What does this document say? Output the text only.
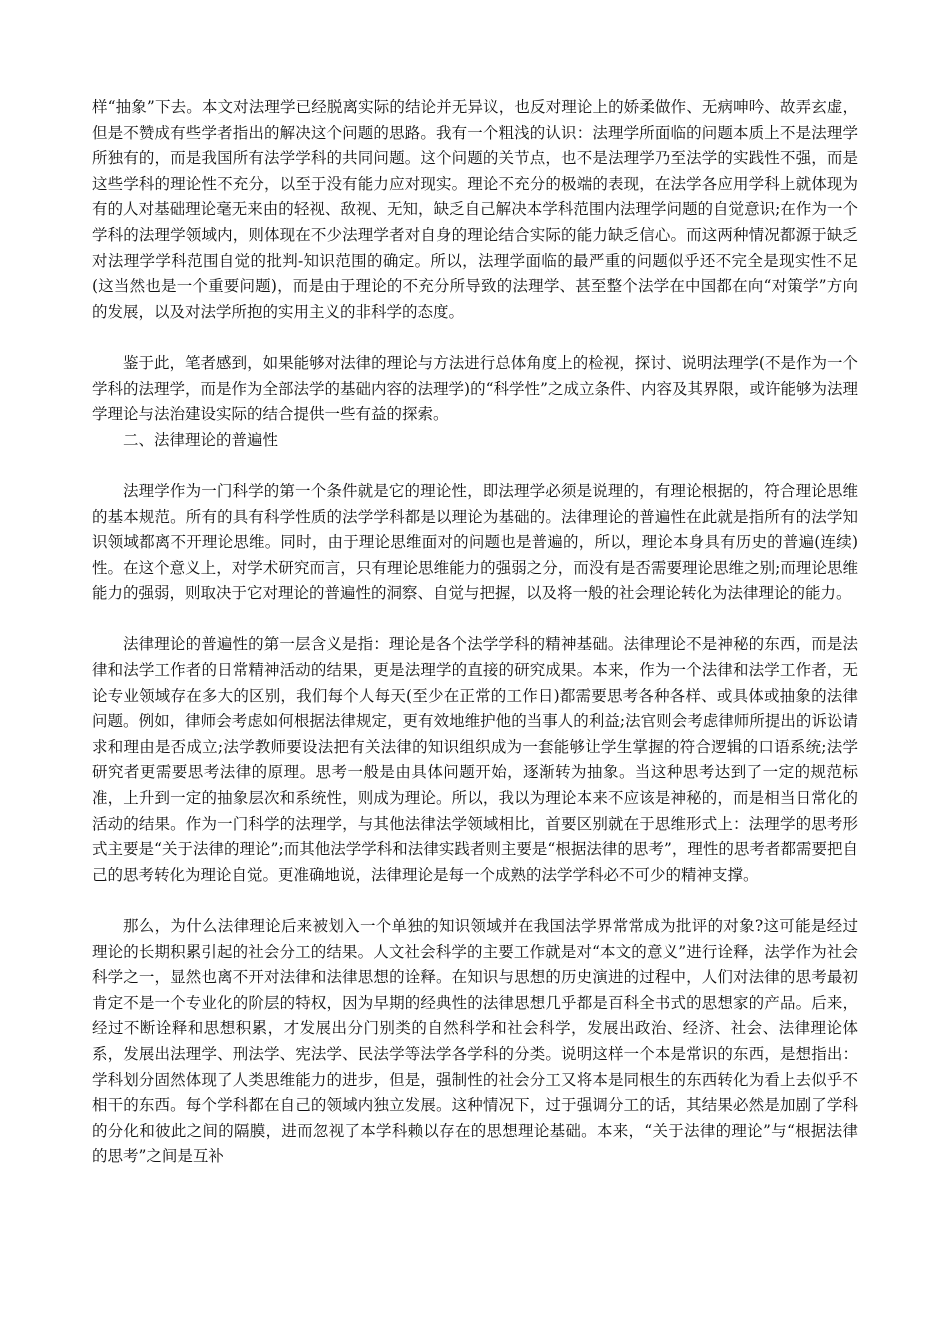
样“抽象”下去。本文对法理学已经脱离实际的结论并无异议，也反对理论上的娇柔做作、无病呻吟、故弄玄虚，但是不赞成有些学者指出的解决这个问题的思路。我有一个粗浅的认识：法理学所面临的问题本质上不是法理学所独有的，而是我国所有法学学科的共同问题。这个问题的关节点，也不是法理学乃至法学的实践性不强，而是这些学科的理论性不充分，以至于没有能力应对现实。理论不充分的极端的表现，在法学各应用学科上就体现为有的人对基础理论毫无来由的轻视、敌视、无知，缺乏自己解决本学科范围内法理学问题的自觉意识;在作为一个学科的法理学领域内，则体现在不少法理学者对自身的理论结合实际的能力缺乏信心。而这两种情况都源于缺乏对法理学学科范围自觉的批判-知识范围的确定。所以，法理学面临的最严重的问题似乎还不完全是现实性不足(这当然也是一个重要问题)，而是由于理论的不充分所导致的法理学、甚至整个法学在中国都在向“对策学”方向的发展，以及对法学所抱的实用主义的非科学的态度。

鉴于此，笔者感到，如果能够对法律的理论与方法进行总体角度上的检视，探讨、说明法理学(不是作为一个学科的法理学，而是作为全部法学的基础内容的法理学)的“科学性”之成立条件、内容及其界限，或许能够为法理学理论与法治建设实际的结合提供一些有益的探索。

二、法律理论的普遍性

法理学作为一门科学的第一个条件就是它的理论性，即法理学必须是说理的，有理论根据的，符合理论思维的基本规范。所有的具有科学性质的法学学科都是以理论为基础的。法律理论的普遍性在此就是指所有的法学知识领域都离不开理论思维。同时，由于理论思维面对的问题也是普遍的，所以，理论本身具有历史的普遍(连续)性。在这个意义上，对学术研究而言，只有理论思维能力的强弱之分，而没有是否需要理论思维之别;而理论思维能力的强弱，则取决于它对理论的普遍性的洞察、自觉与把握，以及将一般的社会理论转化为法律理论的能力。

法律理论的普遍性的第一层含义是指：理论是各个法学学科的精神基础。法律理论不是神秘的东西，而是法律和法学工作者的日常精神活动的结果，更是法理学的直接的研究成果。本来，作为一个法律和法学工作者，无论专业领域存在多大的区别，我们每个人每天(至少在正常的工作日)都需要思考各种各样、或具体或抽象的法律问题。例如，律师会考虑如何根据法律规定，更有效地维护他的当事人的利益;法官则会考虑律师所提出的诉讼请求和理由是否成立;法学教师要设法把有关法律的知识组织成为一套能够让学生掌握的符合逻辑的口语系统;法学研究者更需要思考法律的原理。思考一般是由具体问题开始，逐渐转为抽象。当这种思考达到了一定的规范标准，上升到一定的抽象层次和系统性，则成为理论。所以，我以为理论本来不应该是神秘的，而是相当日常化的活动的结果。作为一门科学的法理学，与其他法律法学领域相比，首要区别就在于思维形式上：法理学的思考形式主要是“关于法律的理论”;而其他法学学科和法律实践者则主要是“根据法律的思考”，理性的思考者都需要把自己的思考转化为理论自觉。更准确地说，法律理论是每一个成熟的法学学科必不可少的精神支撑。

那么，为什么法律理论后来被划入一个单独的知识领域并在我国法学界常常成为批评的对象?这可能是经过理论的长期积累引起的社会分工的结果。人文社会科学的主要工作就是对“本文的意义”进行诠释，法学作为社会科学之一，显然也离不开对法律和法律思想的诠释。在知识与思想的历史演进的过程中，人们对法律的思考最初肯定不是一个专业化的阶层的特权，因为早期的经典性的法律思想几乎都是百科全书式的思想家的产品。后来，经过不断诠释和思想积累，才发展出分门别类的自然科学和社会科学，发展出政治、经济、社会、法律理论体系，发展出法理学、刑法学、宪法学、民法学等法学各学科的分类。说明这样一个本是常识的东西，是想指出：学科划分固然体现了人类思维能力的进步，但是，强制性的社会分工又将本是同根生的东西转化为看上去似乎不相干的东西。每个学科都在自己的领域内独立发展。这种情况下，过于强调分工的话，其结果必然是加剧了学科的分化和彼此之间的隔膜，进而忽视了本学科赖以存在的思想理论基础。本来，“关于法律的理论”与“根据法律的思考”之间是互补
